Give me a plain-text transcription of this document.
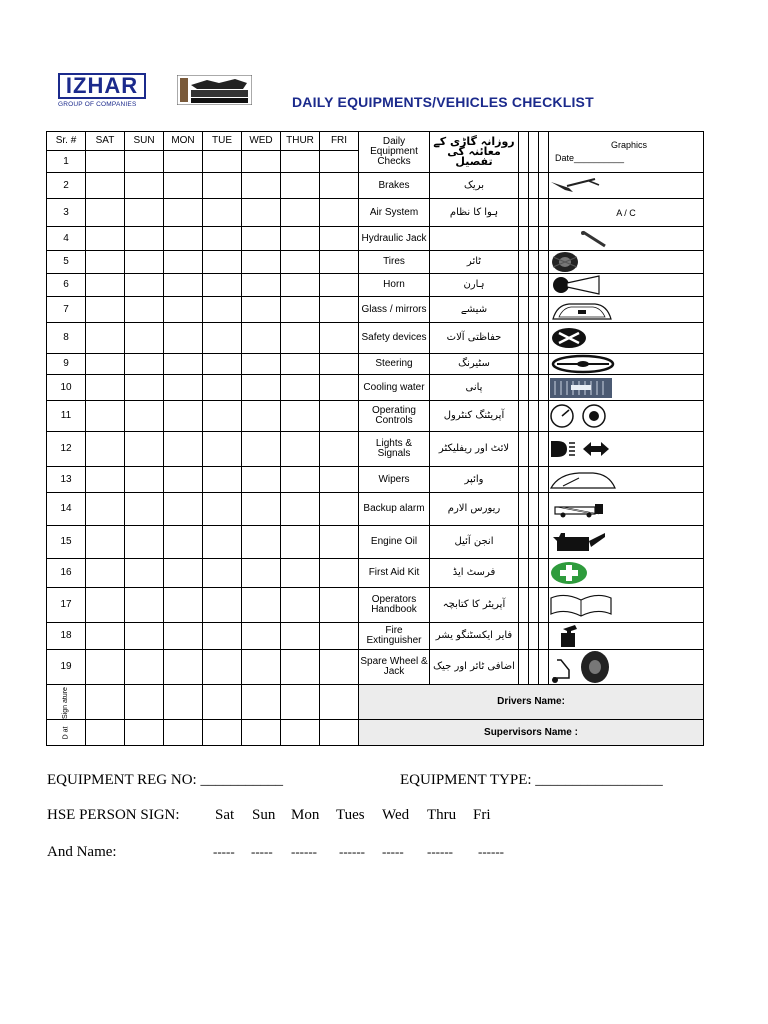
IZHAR
GROUP OF COMPANIES	DAILY EQUIPMENTS/VEHICLES CHECKLIST
Sr. #	SAT	SUN	MON	TUE	WED	THUR	FRI	Daily Equipment Checks	روزانہ گاڑی کے معائنہ کی تفصیل				Graphics
Date__________

1													
2								Brakes	بریک				

3								Air System	ہوا کا نظام				A / C

4								Hydraulic Jack					

5								Tires	ٹائر				

6								Horn	ہارن				

7								Glass / mirrors	شیشے				

8								Safety devices	حفاظتی آلات				

9								Steering	سٹیرنگ				

10								Cooling water	پانی				

11								Operating Controls	آپریٹنگ کنٹرول				

12								Lights & Signals	لائٹ اور ریفلیکٹر				

13								Wipers	وائپر				

14								Backup alarm	ریورس الارم				

15								Engine Oil	انجن آئیل				

16								First Aid Kit	فرسٹ ایڈ				

17								Operators Handbook	آپریٹر کا کتابچہ				

18								Fire Extinguisher	فایر ایکسٹنگو یشر				

19								Spare Wheel & Jack	اضافی ٹائر اور جیک				

Sign ature								Drivers Name:					
D at								Supervisors Name :					
EQUIPMENT REG NO: ___________	EQUIPMENT TYPE: _________________
HSE PERSON SIGN: Sat Sun Mon Tues Wed Thru Fri
And Name:	----- ----- ------ ------ ----- ------ ------
